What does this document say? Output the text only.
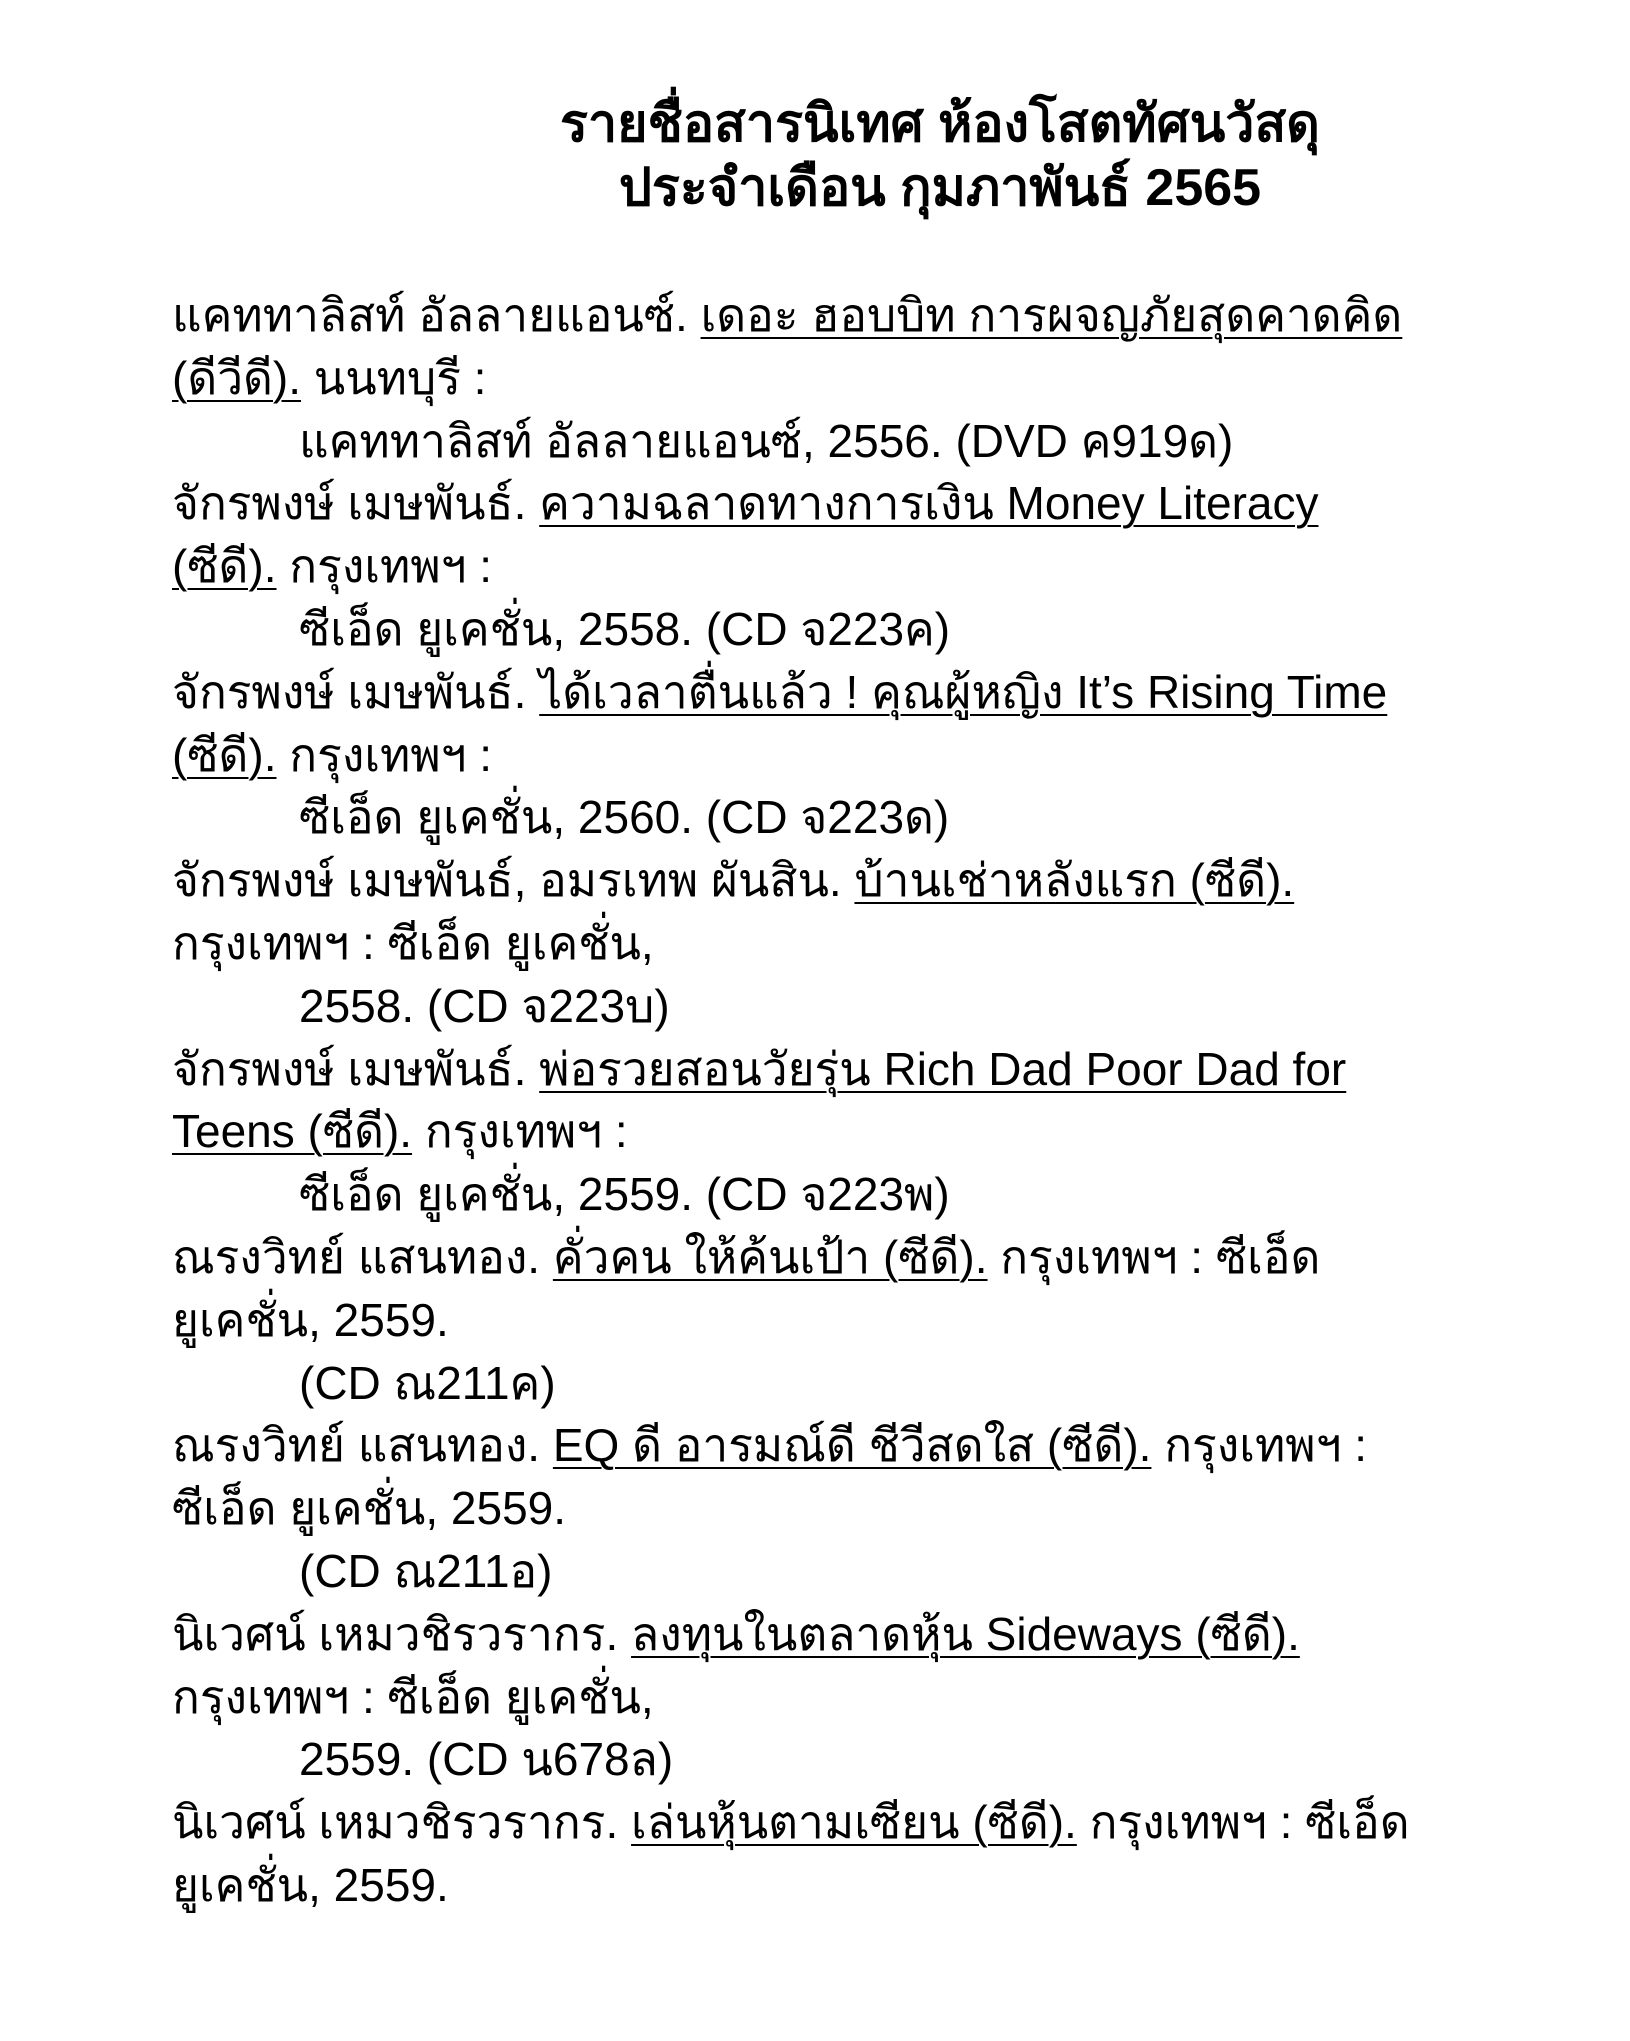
รายชื่อสารนิเทศ ห้องโสตทัศนวัสดุ

ประจำเดือน กุมภาพันธ์ 2565

แคททาลิสท์ อัลลายแอนซ์. เดอะ ฮอบบิท การผจญภัยสุดคาดคิด
(ดีวีดี). นนทบุรี :
แคททาลิสท์ อัลลายแอนซ์, 2556. (DVD ค919ด)
จักรพงษ์ เมษพันธ์. ความฉลาดทางการเงิน Money Literacy
(ซีดี). กรุงเทพฯ :
ซีเอ็ด ยูเคชั่น, 2558. (CD จ223ค)
จักรพงษ์ เมษพันธ์. ได้เวลาตื่นแล้ว ! คุณผู้หญิง It’s Rising Time
(ซีดี). กรุงเทพฯ :
ซีเอ็ด ยูเคชั่น, 2560. (CD จ223ด)
จักรพงษ์ เมษพันธ์, อมรเทพ ผันสิน. บ้านเช่าหลังแรก (ซีดี).
กรุงเทพฯ : ซีเอ็ด ยูเคชั่น,
2558. (CD จ223บ)
จักรพงษ์ เมษพันธ์. พ่อรวยสอนวัยรุ่น Rich Dad Poor Dad for
Teens (ซีดี). กรุงเทพฯ :
ซีเอ็ด ยูเคชั่น, 2559. (CD จ223พ)
ณรงวิทย์ แสนทอง. คั่วคน ให้ค้นเป้า (ซีดี). กรุงเทพฯ : ซีเอ็ด
ยูเคชั่น, 2559.
(CD ณ211ค)
ณรงวิทย์ แสนทอง. EQ ดี อารมณ์ดี ชีวีสดใส (ซีดี). กรุงเทพฯ :
ซีเอ็ด ยูเคชั่น, 2559.
(CD ณ211อ)
นิเวศน์ เหมวชิรวรากร. ลงทุนในตลาดหุ้น Sideways (ซีดี).
กรุงเทพฯ : ซีเอ็ด ยูเคชั่น,
2559. (CD น678ล)
นิเวศน์ เหมวชิรวรากร. เล่นหุ้นตามเซียน (ซีดี). กรุงเทพฯ : ซีเอ็ด
ยูเคชั่น, 2559.
